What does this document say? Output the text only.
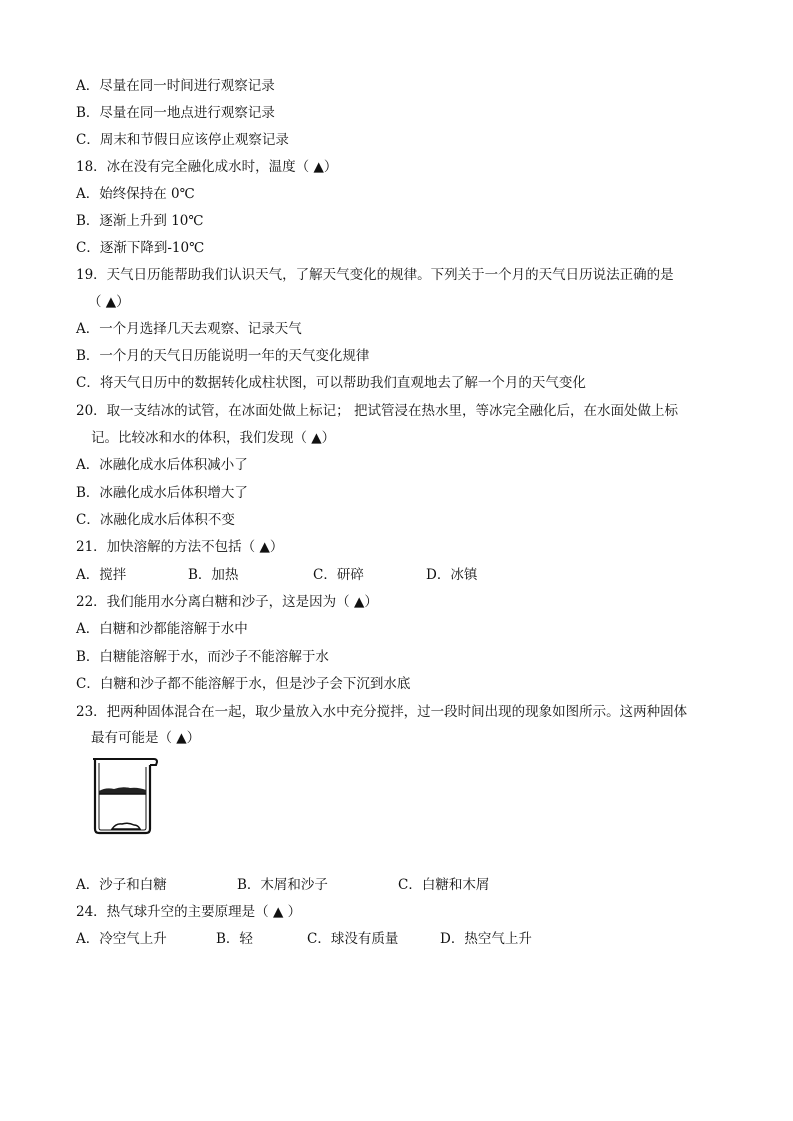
A．尽量在同一时间进行观察记录
B．尽量在同一地点进行观察记录
C．周末和节假日应该停止观察记录
18．冰在没有完全融化成水时，温度（ ▲）
A．始终保持在 0℃
B．逐渐上升到 10℃
C．逐渐下降到-10℃
19．天气日历能帮助我们认识天气，了解天气变化的规律。下列关于一个月的天气日历说法正确的是
（ ▲）
A．一个月选择几天去观察、记录天气
B．一个月的天气日历能说明一年的天气变化规律
C．将天气日历中的数据转化成柱状图，可以帮助我们直观地去了解一个月的天气变化
20．取一支结冰的试管，在冰面处做上标记； 把试管浸在热水里，等冰完全融化后，在水面处做上标
记。比较冰和水的体积，我们发现（ ▲）
A．冰融化成水后体积减小了
B．冰融化成水后体积增大了
C．冰融化成水后体积不变
21．加快溶解的方法不包括（ ▲）
A．搅拌	B．加热	C．研碎	D．冰镇
22．我们能用水分离白糖和沙子，这是因为（ ▲）
A．白糖和沙都能溶解于水中
B．白糖能溶解于水，而沙子不能溶解于水
C．白糖和沙子都不能溶解于水，但是沙子会下沉到水底
23．把两种固体混合在一起，取少量放入水中充分搅拌，过一段时间出现的现象如图所示。这两种固体
最有可能是（ ▲）
A．沙子和白糖	B．木屑和沙子	C．白糖和木屑
24．热气球升空的主要原理是（ ▲ ）
A．冷空气上升	B．轻	C．球没有质量	D．热空气上升
